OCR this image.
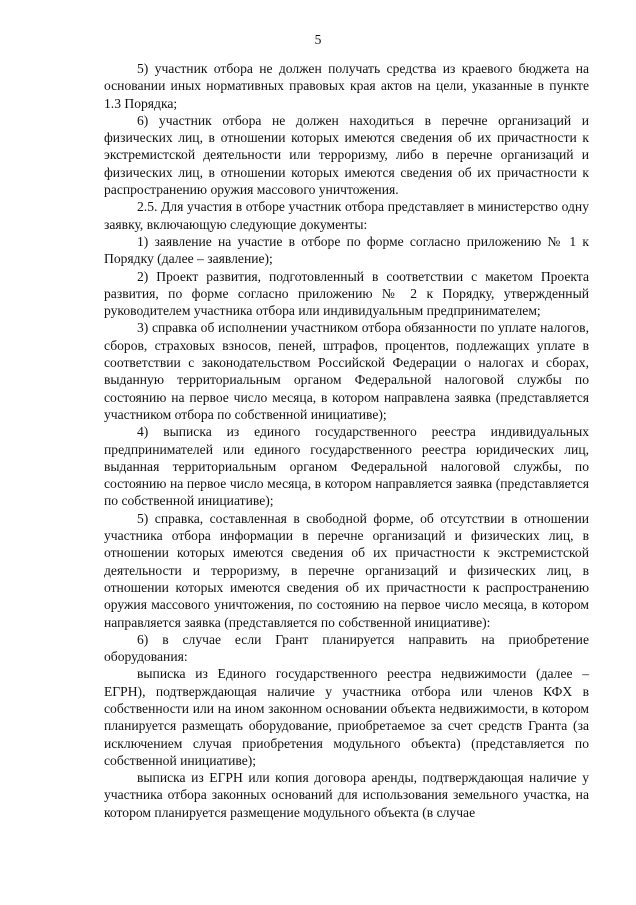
5

5) участник отбора не должен получать средства из краевого бюджета на основании иных нормативных правовых края актов на цели, указанные в пункте 1.3 Порядка;

6) участник отбора не должен находиться в перечне организаций и физических лиц, в отношении которых имеются сведения об их причастности к экстремистской деятельности или терроризму, либо в перечне организаций и физических лиц, в отношении которых имеются сведения об их причастности к распространению оружия массового уничтожения.

2.5. Для участия в отборе участник отбора представляет в министерство одну заявку, включающую следующие документы:

1) заявление на участие в отборе по форме согласно приложению № 1 к Порядку (далее – заявление);

2) Проект развития, подготовленный в соответствии с макетом Проекта развития, по форме согласно приложению № 2 к Порядку, утвержденный руководителем участника отбора или индивидуальным предпринимателем;

3) справка об исполнении участником отбора обязанности по уплате налогов, сборов, страховых взносов, пеней, штрафов, процентов, подлежащих уплате в соответствии с законодательством Российской Федерации о налогах и сборах, выданную территориальным органом Федеральной налоговой службы по состоянию на первое число месяца, в котором направлена заявка (представляется участником отбора по собственной инициативе);

4) выписка из единого государственного реестра индивидуальных предпринимателей или единого государственного реестра юридических лиц, выданная территориальным органом Федеральной налоговой службы, по состоянию на первое число месяца, в котором направляется заявка (представляется по собственной инициативе);

5) справка, составленная в свободной форме, об отсутствии в отношении участника отбора информации в перечне организаций и физических лиц, в отношении которых имеются сведения об их причастности к экстремистской деятельности и терроризму, в перечне организаций и физических лиц, в отношении которых имеются сведения об их причастности к распространению оружия массового уничтожения, по состоянию на первое число месяца, в котором направляется заявка (представляется по собственной инициативе):

6) в случае если Грант планируется направить на приобретение оборудования:

выписка из Единого государственного реестра недвижимости (далее – ЕГРН), подтверждающая наличие у участника отбора или членов КФХ в собственности или на ином законном основании объекта недвижимости, в котором планируется размещать оборудование, приобретаемое за счет средств Гранта (за исключением случая приобретения модульного объекта) (представляется по собственной инициативе);

выписка из ЕГРН или копия договора аренды, подтверждающая наличие у участника отбора законных оснований для использования земельного участка, на котором планируется размещение модульного объекта (в случае
